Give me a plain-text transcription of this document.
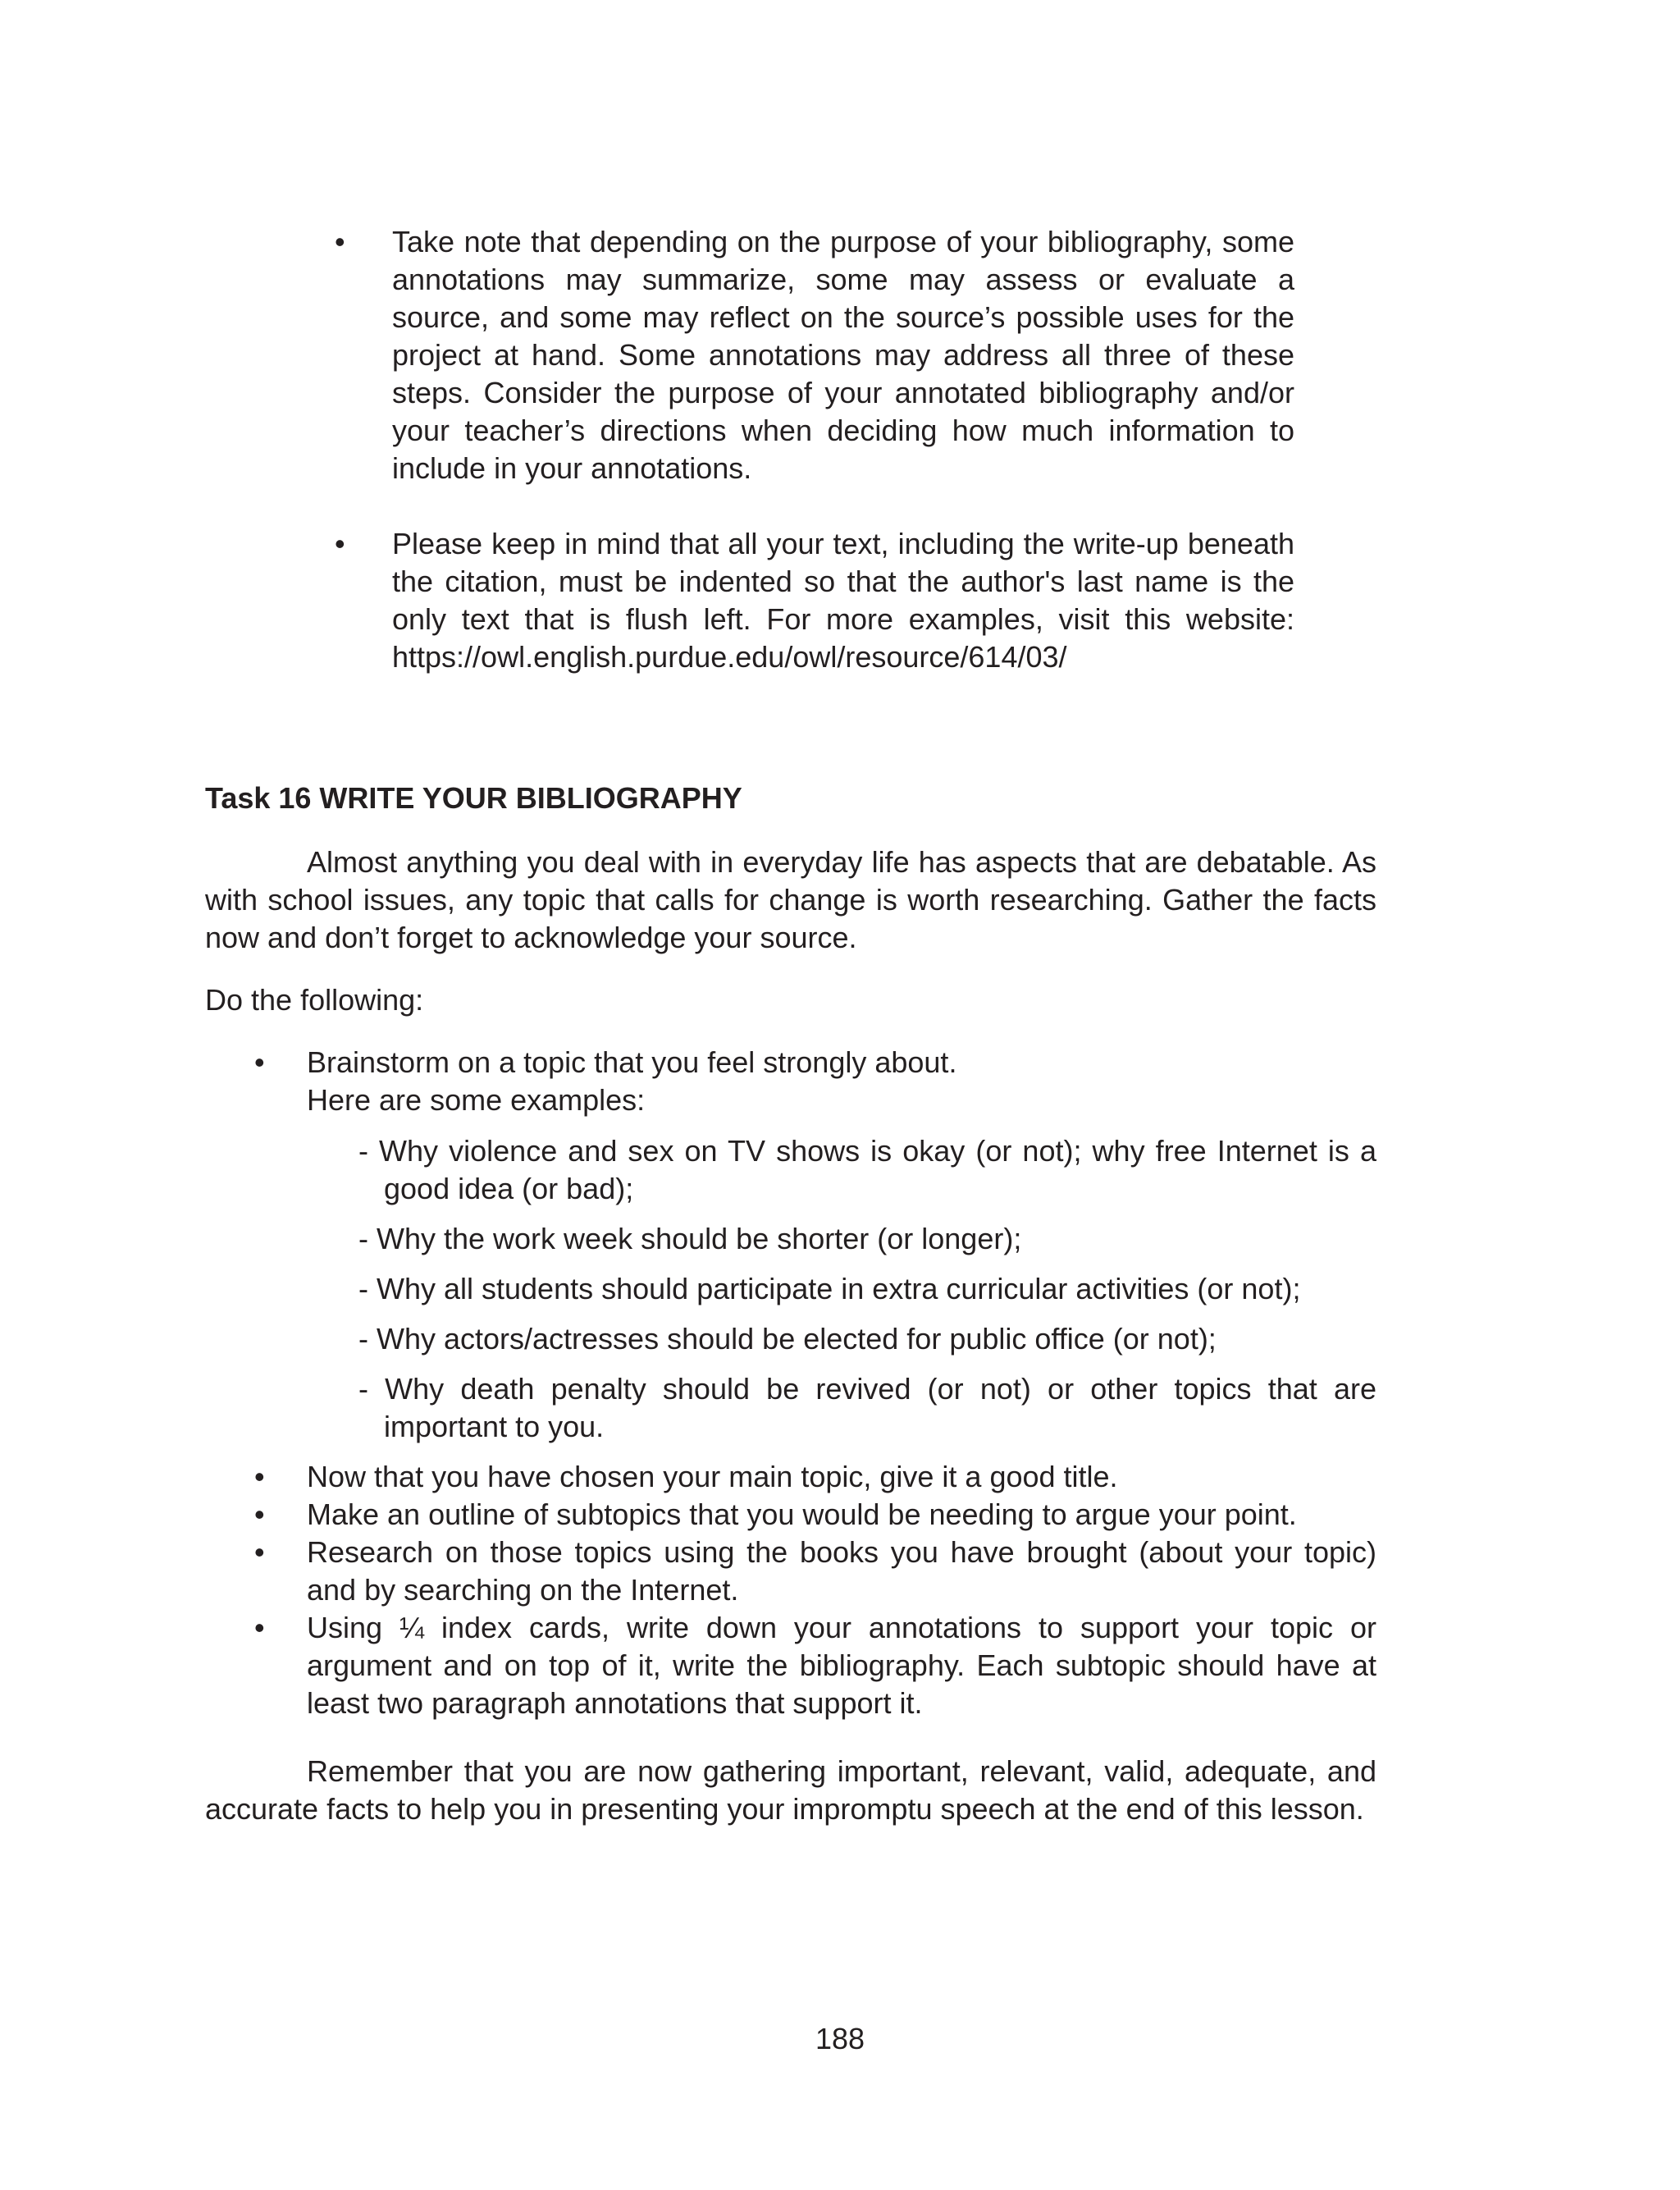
•	Take note that depending on the purpose of your bibliography, some annotations may summarize, some may assess or evaluate a source, and some may reflect on the source’s possible uses for the project at hand. Some annotations may address all three of these steps. Consider the purpose of your annotated bibliography and/or your teacher’s directions when deciding how much information to include in your annotations.
•	Please keep in mind that all your text, including the write-up beneath the citation, must be indented so that the author's last name is the only text that is flush left. For more examples, visit this website: https://owl.english.purdue.edu/owl/resource/614/03/

Task 16 WRITE YOUR BIBLIOGRAPHY

Almost anything you deal with in everyday life has aspects that are debatable. As with school issues, any topic that calls for change is worth researching. Gather the facts now and don’t forget to acknowledge your source.

Do the following:

•	Brainstorm on a topic that you feel strongly about.
Here are some examples:
- Why violence and sex on TV shows is okay (or not); why free Internet is a good idea (or bad);
- Why the work week should be shorter (or longer);
- Why all students should participate in extra curricular activities (or not);
- Why actors/actresses should be elected for public office (or not);
- Why death penalty should be revived (or not) or other topics that are important to you.
•	Now that you have chosen your main topic, give it a good title.
•	Make an outline of subtopics that you would be needing to argue your point.
•	Research on those topics using the books you have brought (about your topic) and by searching on the Internet.
•	Using ¼ index cards, write down your annotations to support your topic or argument and on top of it, write the bibliography. Each subtopic should have at least two paragraph annotations that support it.

Remember that you are now gathering important, relevant, valid, adequate, and accurate facts to help you in presenting your impromptu speech at the end of this lesson.

188
